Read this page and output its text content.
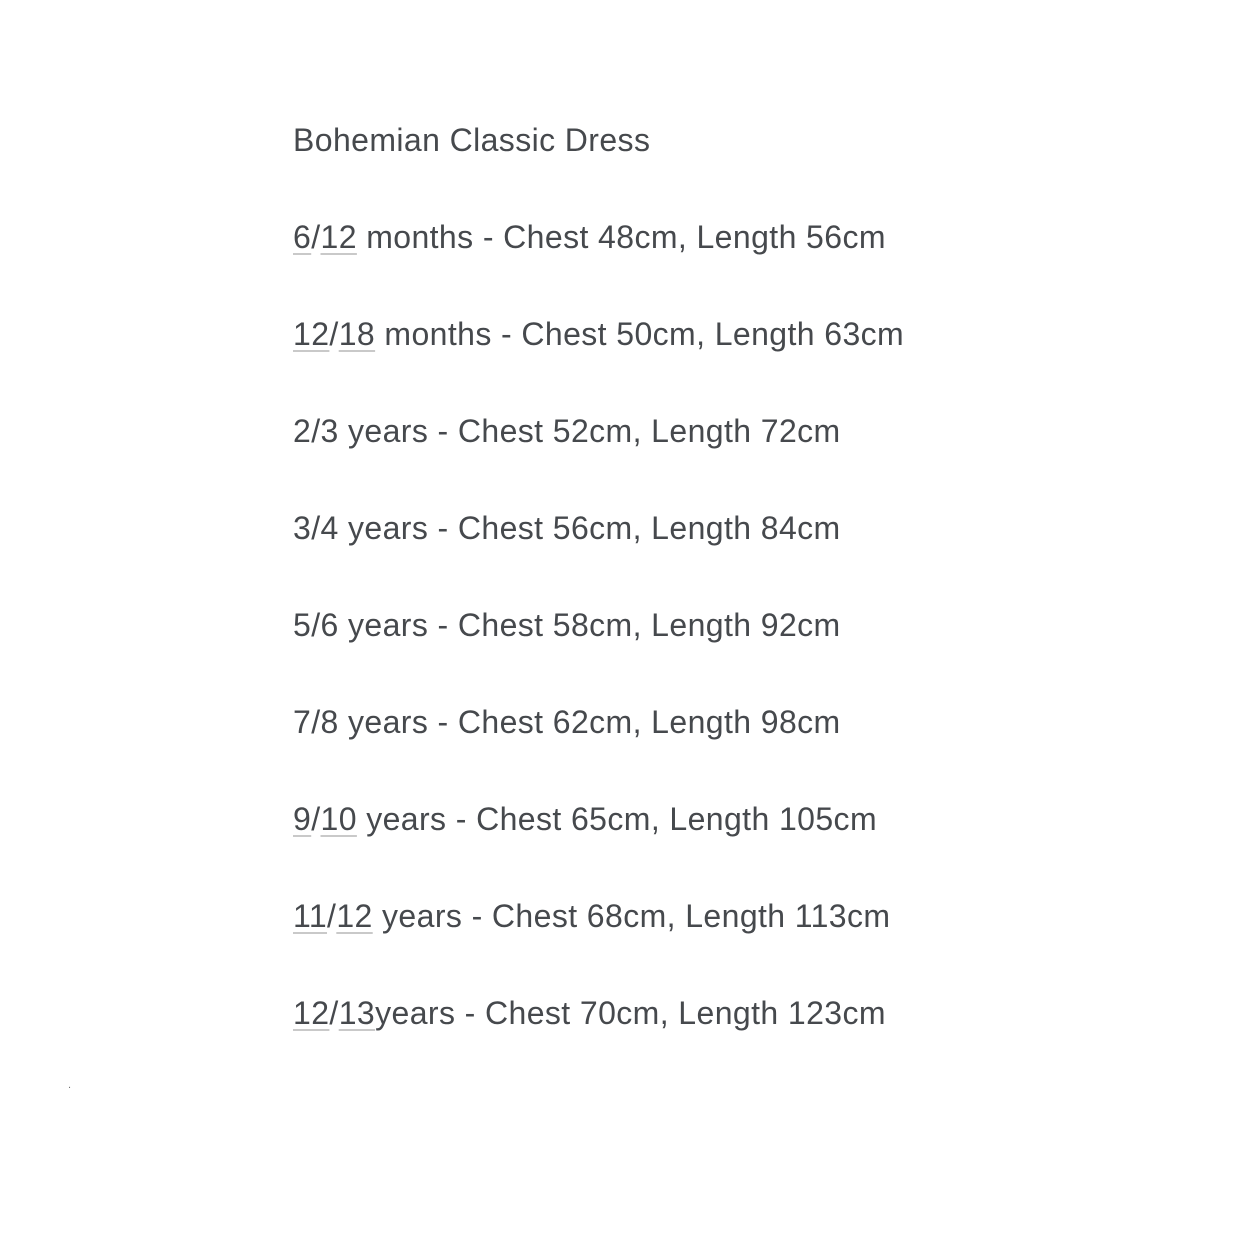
Bohemian Classic Dress
6/12 months - Chest 48cm, Length 56cm
12/18 months - Chest 50cm, Length 63cm
2/3 years - Chest 52cm, Length 72cm
3/4 years - Chest 56cm, Length 84cm
5/6 years - Chest 58cm, Length 92cm
7/8 years - Chest 62cm, Length 98cm
9/10 years - Chest 65cm, Length 105cm
11/12 years - Chest 68cm, Length 113cm
12/13years - Chest 70cm, Length 123cm
.
